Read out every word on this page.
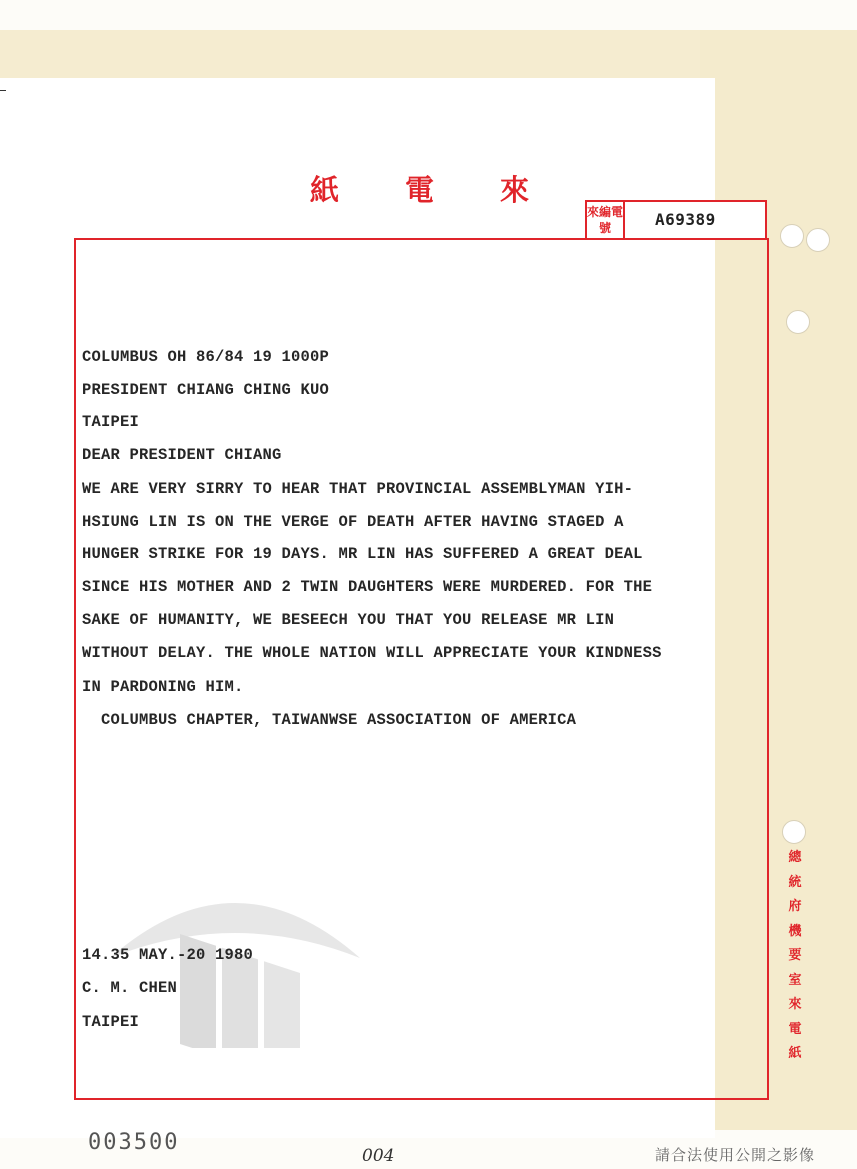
紙 電 來
來編電號	A69389

COLUMBUS OH 86/84 19 1000P

PRESIDENT CHIANG CHING KUO

TAIPEI

DEAR PRESIDENT CHIANG

WE ARE VERY SIRRY TO HEAR THAT PROVINCIAL ASSEMBLYMAN YIH-

HSIUNG LIN IS ON THE VERGE OF DEATH AFTER HAVING STAGED A

HUNGER STRIKE FOR 19 DAYS. MR LIN HAS SUFFERED A GREAT DEAL

SINCE HIS MOTHER AND 2 TWIN DAUGHTERS WERE MURDERED. FOR THE

SAKE OF HUMANITY, WE BESEECH YOU THAT YOU RELEASE MR LIN

WITHOUT DELAY. THE WHOLE NATION WILL APPRECIATE YOUR KINDNESS

IN PARDONING HIM.

COLUMBUS CHAPTER, TAIWANWSE ASSOCIATION OF AMERICA

14.35 MAY.-20 1980

C. M. CHEN

TAIPEI

總統府機要室來電紙
003500
004	請合法使用公開之影像
